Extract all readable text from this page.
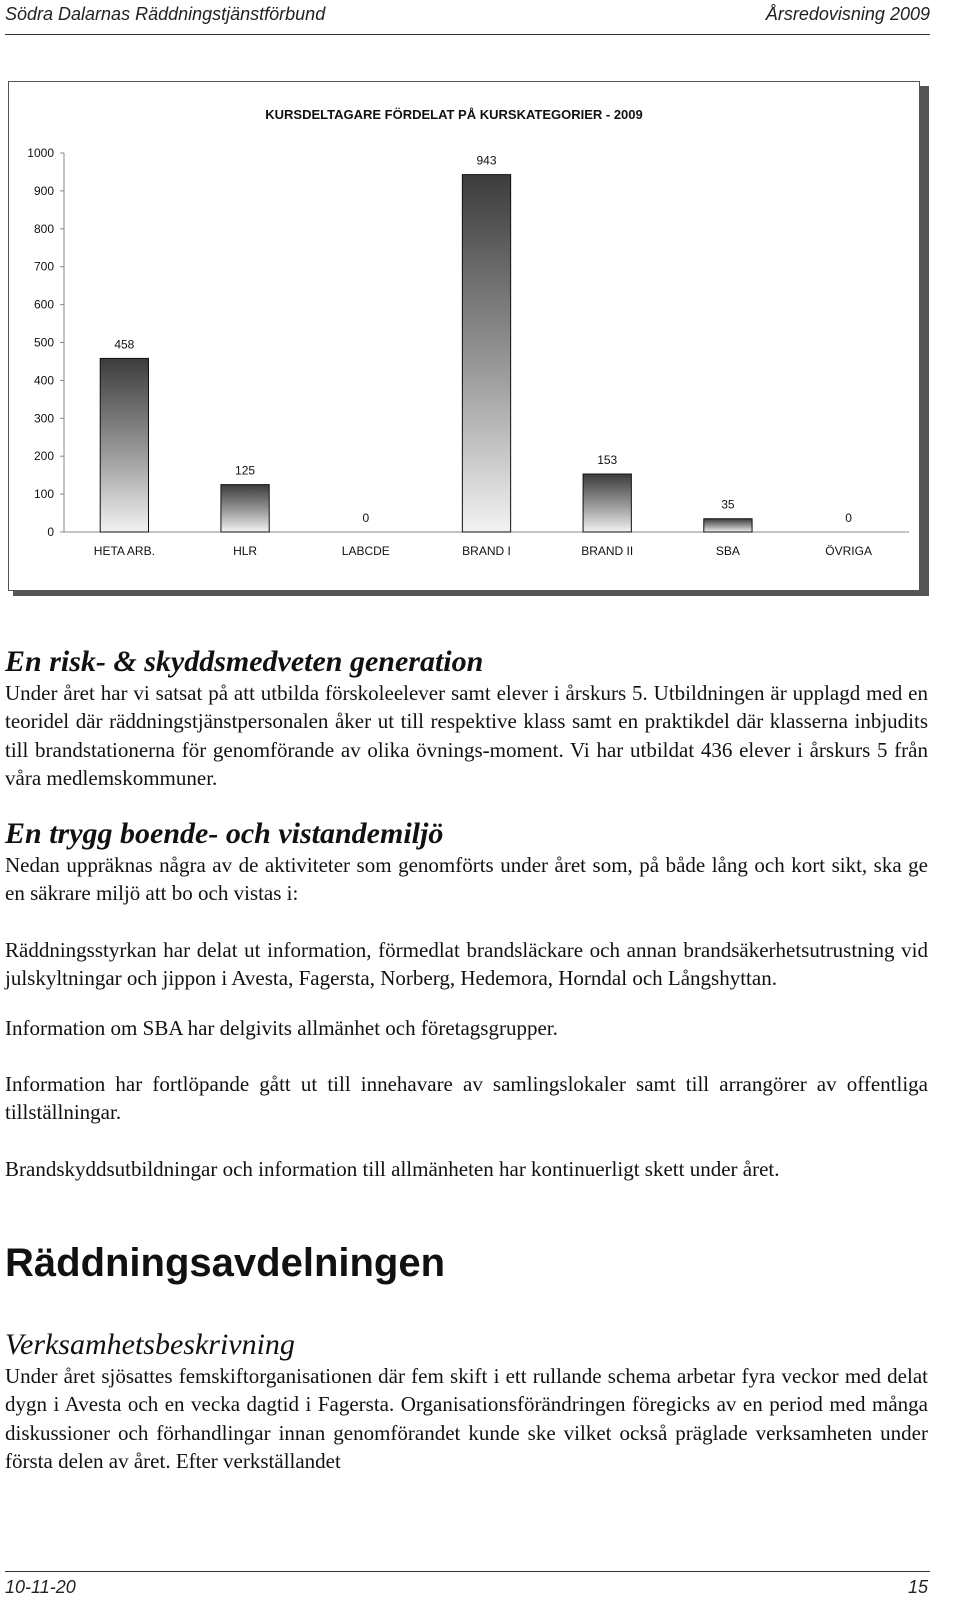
Södra Dalarnas Räddningstjänstförbund	Årsredovisning 2009
KURSDELTAGARE FÖRDELAT PÅ KURSKATEGORIER - 2009
0
100
200
300
400
500
600
700
800
900
1000
458
HETA ARB.
125
HLR
0
LABCDE
943
BRAND I
153
BRAND II
35
SBA
0
ÖVRIGA
En risk- & skyddsmedveten generation

Under året har vi satsat på att utbilda förskoleelever samt elever i årskurs 5. Utbildningen är upplagd med en teoridel där räddningstjänstpersonalen åker ut till respektive klass samt en praktikdel där klasserna inbjudits till brandstationerna för genomförande av olika övnings-moment. Vi har utbildat 436 elever i årskurs 5 från våra medlemskommuner.

En trygg boende- och vistandemiljö

Nedan uppräknas några av de aktiviteter som genomförts under året som, på både lång och kort sikt, ska ge en säkrare miljö att bo och vistas i:

Räddningsstyrkan har delat ut information, förmedlat brandsläckare och annan brandsäkerhetsutrustning vid julskyltningar och jippon i Avesta, Fagersta, Norberg, Hedemora, Horndal och Långshyttan.

Information om SBA har delgivits allmänhet och företagsgrupper.

Information har fortlöpande gått ut till innehavare av samlingslokaler samt till arrangörer av offentliga tillställningar.

Brandskyddsutbildningar och information till allmänheten har kontinuerligt skett under året.

Räddningsavdelningen
Verksamhetsbeskrivning

Under året sjösattes femskiftorganisationen där fem skift i ett rullande schema arbetar fyra veckor med delat dygn i Avesta och en vecka dagtid i Fagersta. Organisationsförändringen föregicks av en period med många diskussioner och förhandlingar innan genomförandet kunde ske vilket också präglade verksamheten under första delen av året. Efter verkställandet

10-11-20	15
